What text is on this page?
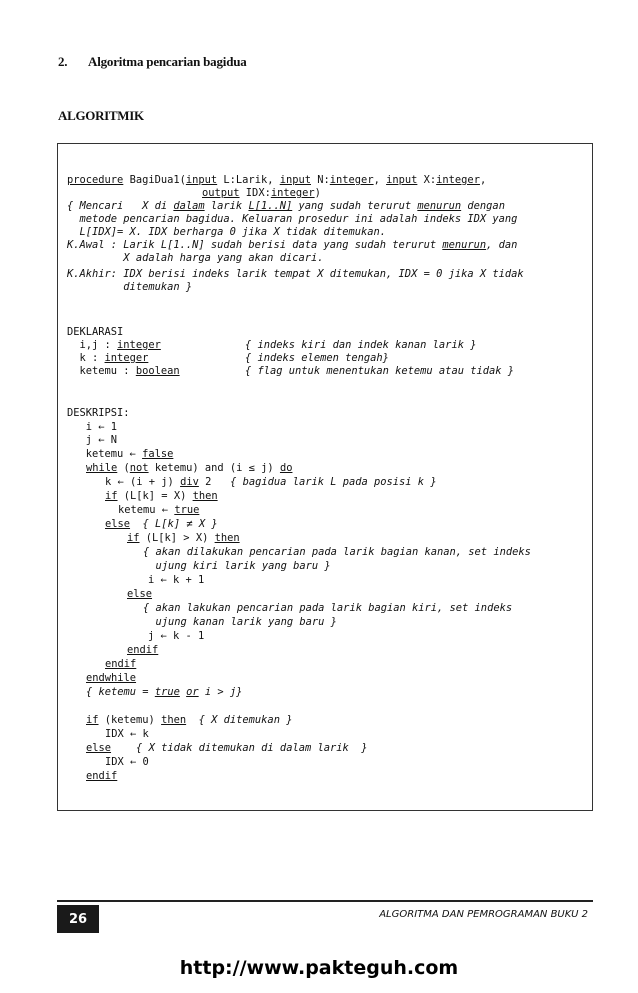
2. Algoritma pencarian bagidua
ALGORITMIK
procedure BagiDua1(input L:Larik, input N:integer, input X:integer,
output IDX:integer)
{ Mencari   X di dalam larik L[1..N] yang sudah terurut menurun dengan
metode pencarian bagidua. Keluaran prosedur ini adalah indeks IDX yang
L[IDX]= X. IDX berharga 0 jika X tidak ditemukan.
K.Awal : Larik L[1..N] sudah berisi data yang sudah terurut menurun, dan
X adalah harga yang akan dicari.
K.Akhir: IDX berisi indeks larik tempat X ditemukan, IDX = 0 jika X tidak
ditemukan }
DEKLARASI
i,j : integer	{ indeks kiri dan indek kanan larik }
k : integer	{ indeks elemen tengah}
ketemu : boolean	{ flag untuk menentukan ketemu atau tidak }
DESKRIPSI:
i ← 1
j ← N
ketemu ← false
while (not ketemu) and (i ≤ j) do
k ← (i + j) div 2   { bagidua larik L pada posisi k }
if (L[k] = X) then
ketemu ← true
else  { L[k] ≠ X }
if (L[k] > X) then
{ akan dilakukan pencarian pada larik bagian kanan, set indeks
ujung kiri larik yang baru }
i ← k + 1
else
{ akan lakukan pencarian pada larik bagian kiri, set indeks
ujung kanan larik yang baru }
j ← k - 1
endif
endif
endwhile
{ ketemu = true or i > j}
if (ketemu) then  { X ditemukan }
IDX ← k
else    { X tidak ditemukan di dalam larik  }
IDX ← 0
endif
26	ALGORITMA DAN PEMROGRAMAN BUKU 2
http://www.pakteguh.com
